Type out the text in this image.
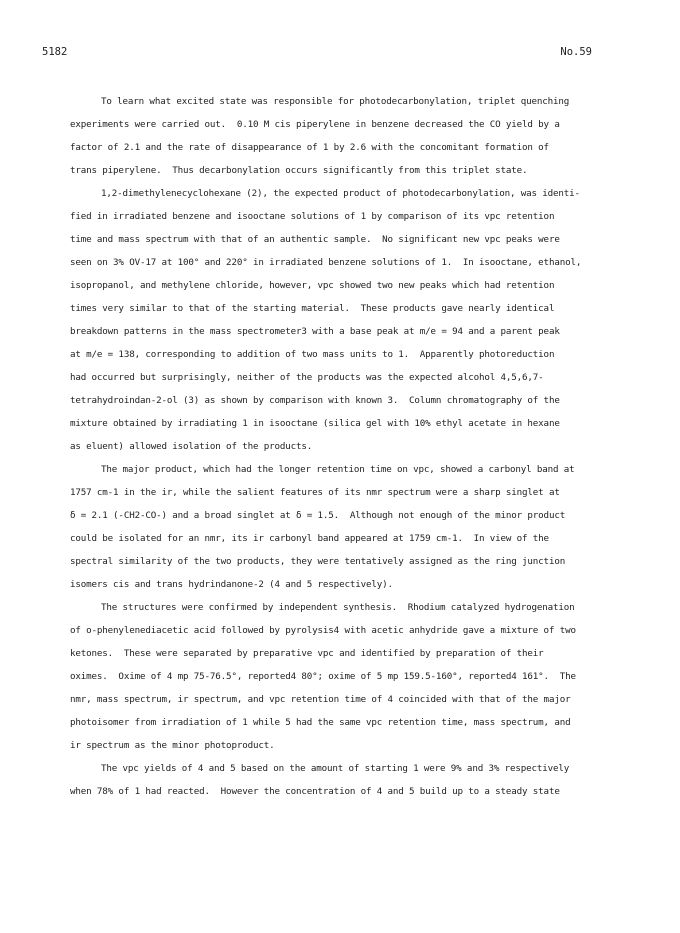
5182	No.59
To learn what excited state was responsible for photodecarbonylation, triplet quenching
experiments were carried out.  0.10 M cis piperylene in benzene decreased the CO yield by a
factor of 2.1 and the rate of disappearance of 1 by 2.6 with the concomitant formation of
trans piperylene.  Thus decarbonylation occurs significantly from this triplet state.
1,2-dimethylenecyclohexane (2), the expected product of photodecarbonylation, was identi-
fied in irradiated benzene and isooctane solutions of 1 by comparison of its vpc retention
time and mass spectrum with that of an authentic sample.  No significant new vpc peaks were
seen on 3% OV-17 at 100° and 220° in irradiated benzene solutions of 1.  In isooctane, ethanol,
isopropanol, and methylene chloride, however, vpc showed two new peaks which had retention
times very similar to that of the starting material.  These products gave nearly identical
breakdown patterns in the mass spectrometer3 with a base peak at m/e = 94 and a parent peak
at m/e = 138, corresponding to addition of two mass units to 1.  Apparently photoreduction
had occurred but surprisingly, neither of the products was the expected alcohol 4,5,6,7-
tetrahydroindan-2-ol (3) as shown by comparison with known 3.  Column chromatography of the
mixture obtained by irradiating 1 in isooctane (silica gel with 10% ethyl acetate in hexane
as eluent) allowed isolation of the products.
The major product, which had the longer retention time on vpc, showed a carbonyl band at
1757 cm-1 in the ir, while the salient features of its nmr spectrum were a sharp singlet at
δ = 2.1 (-CH2-CO-) and a broad singlet at δ = 1.5.  Although not enough of the minor product
could be isolated for an nmr, its ir carbonyl band appeared at 1759 cm-1.  In view of the
spectral similarity of the two products, they were tentatively assigned as the ring junction
isomers cis and trans hydrindanone-2 (4 and 5 respectively).
The structures were confirmed by independent synthesis.  Rhodium catalyzed hydrogenation
of o-phenylenediacetic acid followed by pyrolysis4 with acetic anhydride gave a mixture of two
ketones.  These were separated by preparative vpc and identified by preparation of their
oximes.  Oxime of 4 mp 75-76.5°, reported4 80°; oxime of 5 mp 159.5-160°, reported4 161°.  The
nmr, mass spectrum, ir spectrum, and vpc retention time of 4 coincided with that of the major
photoisomer from irradiation of 1 while 5 had the same vpc retention time, mass spectrum, and
ir spectrum as the minor photoproduct.
The vpc yields of 4 and 5 based on the amount of starting 1 were 9% and 3% respectively
when 78% of 1 had reacted.  However the concentration of 4 and 5 build up to a steady state
